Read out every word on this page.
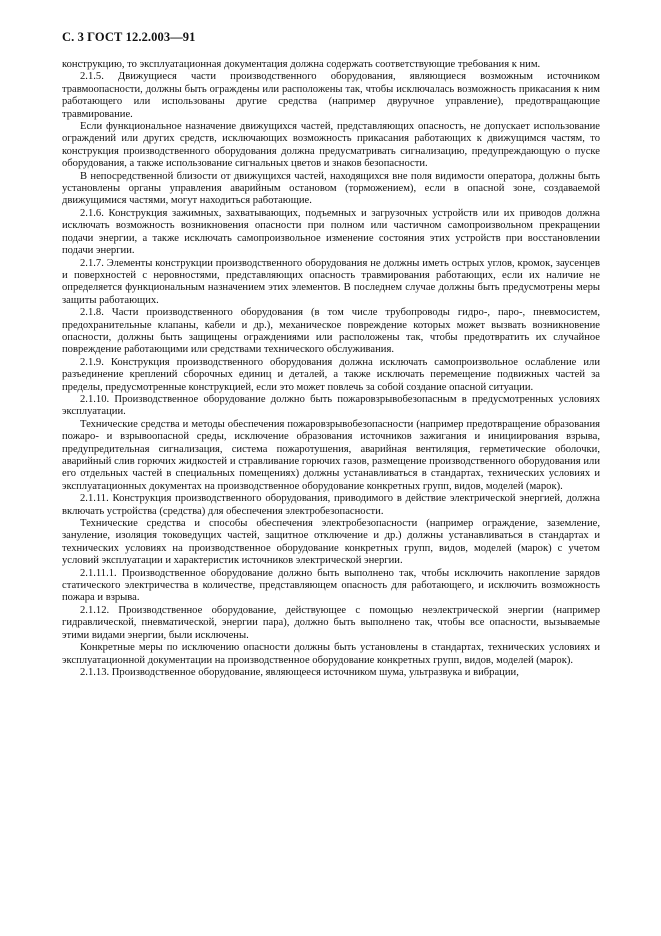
С. 3 ГОСТ 12.2.003—91

конструкцию, то эксплуатационная документация должна содержать соответствующие требования к ним.

2.1.5. Движущиеся части производственного оборудования, являющиеся возможным источником травмоопасности, должны быть ограждены или расположены так, чтобы исключалась возможность прикасания к ним работающего или использованы другие средства (например двуручное управление), предотвращающие травмирование.

Если функциональное назначение движущихся частей, представляющих опасность, не допускает использование ограждений или других средств, исключающих возможность прикасания работающих к движущимся частям, то конструкция производственного оборудования должна предусматривать сигнализацию, предупреждающую о пуске оборудования, а также использование сигнальных цветов и знаков безопасности.

В непосредственной близости от движущихся частей, находящихся вне поля видимости оператора, должны быть установлены органы управления аварийным остановом (торможением), если в опасной зоне, создаваемой движущимися частями, могут находиться работающие.

2.1.6. Конструкция зажимных, захватывающих, подъемных и загрузочных устройств или их приводов должна исключать возможность возникновения опасности при полном или частичном самопроизвольном прекращении подачи энергии, а также исключать самопроизвольное изменение состояния этих устройств при восстановлении подачи энергии.

2.1.7. Элементы конструкции производственного оборудования не должны иметь острых углов, кромок, заусенцев и поверхностей с неровностями, представляющих опасность травмирования работающих, если их наличие не определяется функциональным назначением этих элементов. В последнем случае должны быть предусмотрены меры защиты работающих.

2.1.8. Части производственного оборудования (в том числе трубопроводы гидро-, паро-, пневмосистем, предохранительные клапаны, кабели и др.), механическое повреждение которых может вызвать возникновение опасности, должны быть защищены ограждениями или расположены так, чтобы предотвратить их случайное повреждение работающими или средствами технического обслуживания.

2.1.9. Конструкция производственного оборудования должна исключать самопроизвольное ослабление или разъединение креплений сборочных единиц и деталей, а также исключать перемещение подвижных частей за пределы, предусмотренные конструкцией, если это может повлечь за собой создание опасной ситуации.

2.1.10. Производственное оборудование должно быть пожаровзрывобезопасным в предусмотренных условиях эксплуатации.

Технические средства и методы обеспечения пожаровзрывобезопасности (например предотвращение образования пожаро- и взрывоопасной среды, исключение образования источников зажигания и инициирования взрыва, предупредительная сигнализация, система пожаротушения, аварийная вентиляция, герметические оболочки, аварийный слив горючих жидкостей и стравливание горючих газов, размещение производственного оборудования или его отдельных частей в специальных помещениях) должны устанавливаться в стандартах, технических условиях и эксплуатационных документах на производственное оборудование конкретных групп, видов, моделей (марок).

2.1.11. Конструкция производственного оборудования, приводимого в действие электрической энергией, должна включать устройства (средства) для обеспечения электробезопасности.

Технические средства и способы обеспечения электробезопасности (например ограждение, заземление, зануление, изоляция токоведущих частей, защитное отключение и др.) должны устанавливаться в стандартах и технических условиях на производственное оборудование конкретных групп, видов, моделей (марок) с учетом условий эксплуатации и характеристик источников электрической энергии.

2.1.11.1. Производственное оборудование должно быть выполнено так, чтобы исключить накопление зарядов статического электричества в количестве, представляющем опасность для работающего, и исключить возможность пожара и взрыва.

2.1.12. Производственное оборудование, действующее с помощью неэлектрической энергии (например гидравлической, пневматической, энергии пара), должно быть выполнено так, чтобы все опасности, вызываемые этими видами энергии, были исключены.

Конкретные меры по исключению опасности должны быть установлены в стандартах, технических условиях и эксплуатационной документации на производственное оборудование конкретных групп, видов, моделей (марок).

2.1.13. Производственное оборудование, являющееся источником шума, ультразвука и вибрации,
